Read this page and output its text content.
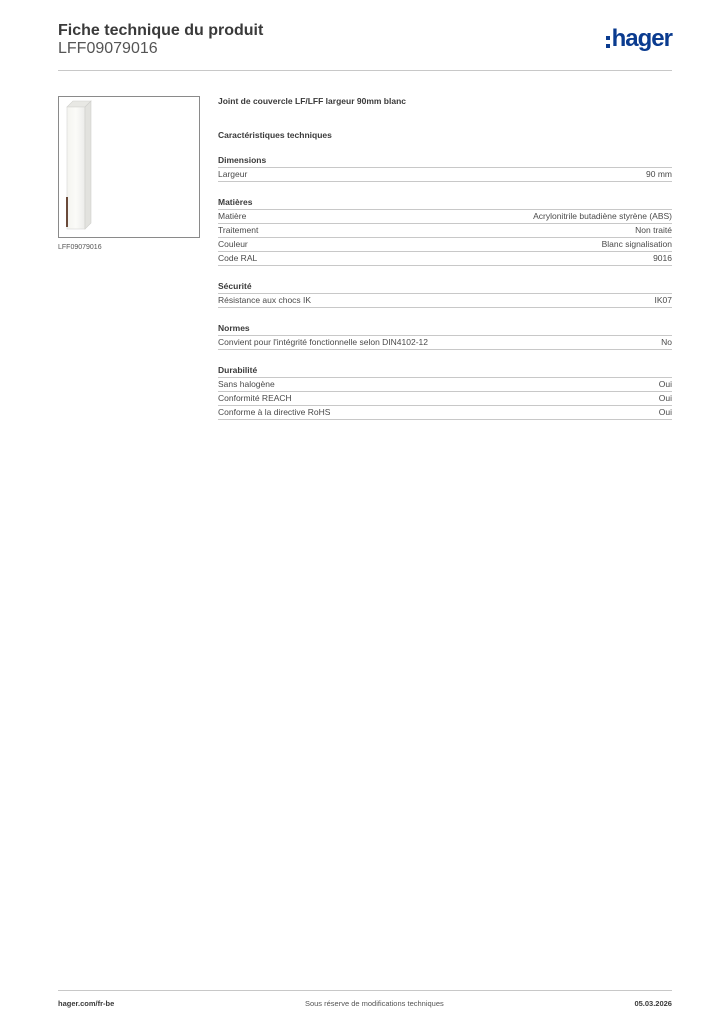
Fiche technique du produit
LFF09079016	hager
LFF09079016
Joint de couvercle LF/LFF largeur 90mm blanc
Caractéristiques techniques
Dimensions
Largeur	90 mm
Matières
Matière	Acrylonitrile butadiène styrène (ABS)
Traitement	Non traité
Couleur	Blanc signalisation
Code RAL	9016
Sécurité
Résistance aux chocs IK	IK07
Normes
Convient pour l'intégrité fonctionnelle selon DIN4102-12	No
Durabilité
Sans halogène	Oui
Conformité REACH	Oui
Conforme à la directive RoHS	Oui
hager.com/fr-be	Sous réserve de modifications techniques	05.03.2026
